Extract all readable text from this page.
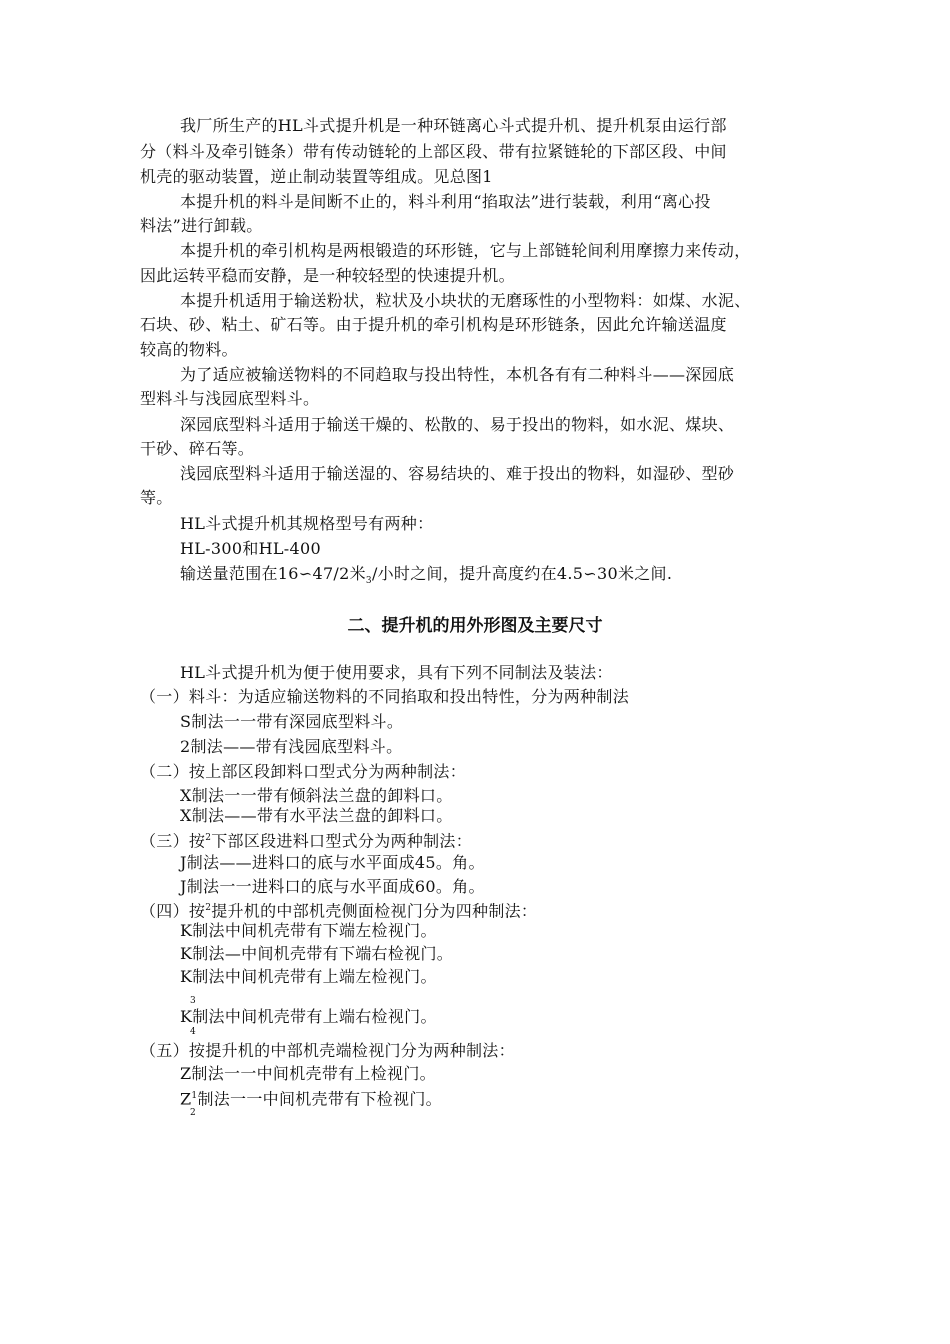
我厂所生产的HL斗式提升机是一种环链离心斗式提升机、提升机泵由运行部
分（料斗及牵引链条）带有传动链轮的上部区段、带有拉紧链轮的下部区段、中间
机壳的驱动装置，逆止制动装置等组成。见总图1
本提升机的料斗是间断不止的，料斗利用“掐取法”进行装载，利用“离心投
料法”进行卸载。
本提升机的牵引机构是两根锻造的环形链，它与上部链轮间利用摩擦力来传动，
因此运转平稳而安静，是一种较轻型的快速提升机。
本提升机适用于输送粉状，粒状及小块状的无磨琢性的小型物料：如煤、水泥、
石块、砂、粘土、矿石等。由于提升机的牵引机构是环形链条，因此允许输送温度
较高的物料。
为了适应被输送物料的不同趋取与投出特性，本机各有有二种料斗——深园底
型料斗与浅园底型料斗。
深园底型料斗适用于输送干燥的、松散的、易于投出的物料，如水泥、煤块、
干砂、碎石等。
浅园底型料斗适用于输送湿的、容易结块的、难于投出的物料，如湿砂、型砂
等。
HL斗式提升机其规格型号有两种：
HL-300和HL-400
输送量范围在16∽47/2米$_3$/小时之间，提升高度约在4.5∽30米之间.
二、提升机的用外形图及主要尺寸
HL斗式提升机为便于使用要求，具有下列不同制法及装法：
（一）料斗：为适应输送物料的不同掐取和投出特性，分为两种制法
S制法一一带有深园底型料斗。
2制法——带有浅园底型料斗。
（二）按上部区段卸料口型式分为两种制法：
X制法一一带有倾斜法兰盘的卸料口。
X制法——带有水平法兰盘的卸料口。
（三）按$^2$下部区段进料口型式分为两种制法：
J制法——进料口的底与水平面成45。角。
J制法一一进料口的底与水平面成60。角。
（四）按$^2$提升机的中部机壳侧面检视门分为四种制法：
K制法中间机壳带有下端左检视门。
K制法—中间机壳带有下端右检视门。
K制法中间机壳带有上端左检视门。
3
K制法中间机壳带有上端右检视门。
4
（五）按提升机的中部机壳端检视门分为两种制法：
Z制法一一中间机壳带有上检视门。
$Z^1$制法一一中间机壳带有下检视门。
2
